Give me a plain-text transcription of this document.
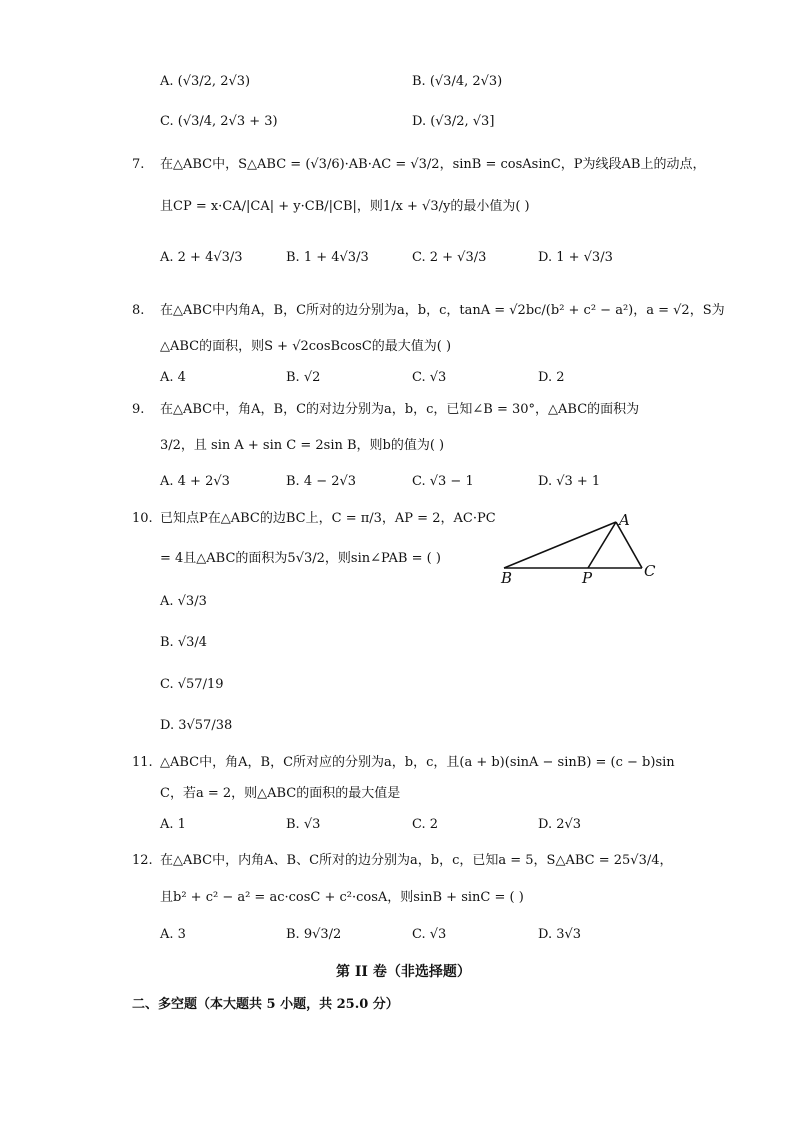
A. (√3/2, 2√3)	B. (√3/4, 2√3)
C. (√3/4, 2√3 + 3)	D. (√3/2, √3]
7. 在△ABC中，S△ABC = (√3/6)·AB·AC = √3/2，sinB = cosAsinC，P为线段AB上的动点，
且CP = x·CA/|CA| + y·CB/|CB|，则1/x + √3/y的最小值为( )
A. 2 + 4√3/3	B. 1 + 4√3/3	C. 2 + √3/3	D. 1 + √3/3
8. 在△ABC中内角A，B，C所对的边分别为a，b，c，tanA = √2bc/(b² + c² − a²)，a = √2，S为
△ABC的面积，则S + √2cosBcosC的最大值为( )
A. 4	B. √2	C. √3	D. 2
9. 在△ABC中，角A，B，C的对边分别为a，b，c，已知∠B = 30°，△ABC的面积为
3/2，且 sin A + sin C = 2sin B，则b的值为( )
A. 4 + 2√3	B. 4 − 2√3	C. √3 − 1	D. √3 + 1
10. 已知点P在△ABC的边BC上，C = π/3，AP = 2，AC·PC
= 4且△ABC的面积为5√3/2，则sin∠PAB = ( )
A. √3/3
B. √3/4
C. √57/19
D. 3√57/38
A
B	C
P
11. △ABC中，角A，B，C所对应的分别为a，b，c，且(a + b)(sinA − sinB) = (c − b)sin
C，若a = 2，则△ABC的面积的最大值是
A. 1	B. √3	C. 2	D. 2√3
12. 在△ABC中，内角A、B、C所对的边分别为a，b，c，已知a = 5，S△ABC = 25√3/4，
且b² + c² − a² = ac·cosC + c²·cosA，则sinB + sinC = ( )
A. 3	B. 9√3/2	C. √3	D. 3√3
第 II 卷（非选择题）
二、多空题（本大题共 5 小题，共 25.0 分）
